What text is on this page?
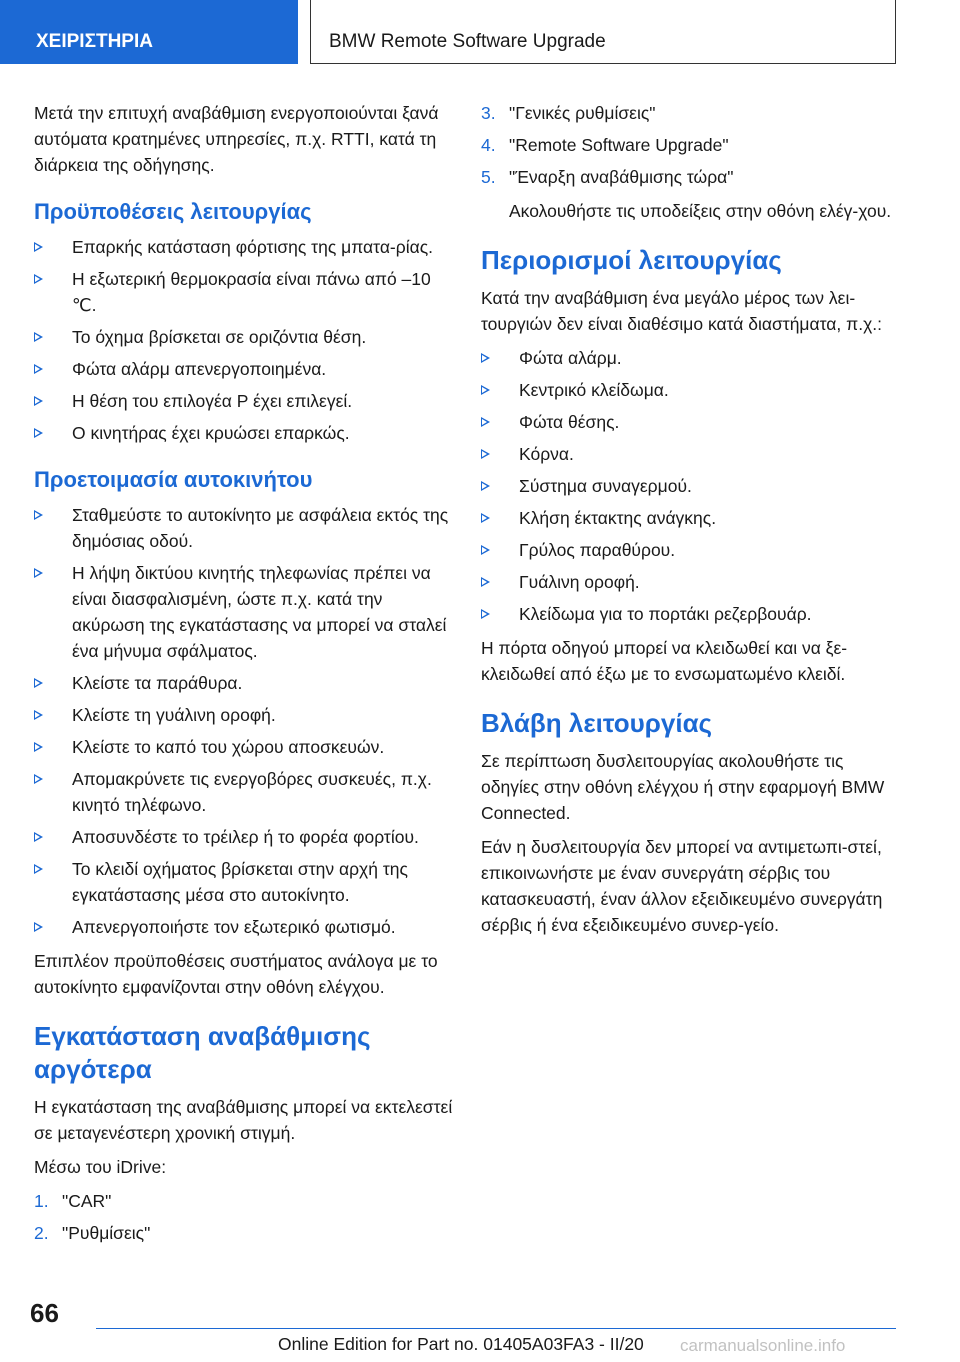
ΧΕΙΡΙΣΤΗΡΙΑ	BMW Remote Software Upgrade

Μετά την επιτυχή αναβάθμιση ενεργοποιούνται ξανά αυτόματα κρατημένες υπηρεσίες, π.χ. RTTI, κατά τη διάρκεια της οδήγησης.

Προϋποθέσεις λειτουργίας
Επαρκής κατάσταση φόρτισης της μπατα-ρίας.
Η εξωτερική θερμοκρασία είναι πάνω από –10 ℃.
Το όχημα βρίσκεται σε οριζόντια θέση.
Φώτα αλάρμ απενεργοποιημένα.
Η θέση του επιλογέα P έχει επιλεγεί.
Ο κινητήρας έχει κρυώσει επαρκώς.
Προετοιμασία αυτοκινήτου
Σταθμεύστε το αυτοκίνητο με ασφάλεια εκτός της δημόσιας οδού.
Η λήψη δικτύου κινητής τηλεφωνίας πρέπει να είναι διασφαλισμένη, ώστε π.χ. κατά την ακύρωση της εγκατάστασης να μπορεί να σταλεί ένα μήνυμα σφάλματος.
Κλείστε τα παράθυρα.
Κλείστε τη γυάλινη οροφή.
Κλείστε το καπό του χώρου αποσκευών.
Απομακρύνετε τις ενεργοβόρες συσκευές, π.χ. κινητό τηλέφωνο.
Αποσυνδέστε το τρέιλερ ή το φορέα φορτίου.
Το κλειδί οχήματος βρίσκεται στην αρχή της εγκατάστασης μέσα στο αυτοκίνητο.
Απενεργοποιήστε τον εξωτερικό φωτισμό.

Επιπλέον προϋποθέσεις συστήματος ανάλογα με το αυτοκίνητο εμφανίζονται στην οθόνη ελέγχου.

Εγκατάσταση αναβάθμισης αργότερα

Η εγκατάσταση της αναβάθμισης μπορεί να εκτελεστεί σε μεταγενέστερη χρονική στιγμή.

Μέσω του iDrive:

1. "CAR"
2. "Ρυθμίσεις"
3. "Γενικές ρυθμίσεις"
4. "Remote Software Upgrade"
5. "Έναρξη αναβάθμισης τώρα"
Ακολουθήστε τις υποδείξεις στην οθόνη ελέγ-χου.
Περιορισμοί λειτουργίας

Κατά την αναβάθμιση ένα μεγάλο μέρος των λει-τουργιών δεν είναι διαθέσιμο κατά διαστήματα, π.χ.:

Φώτα αλάρμ.
Κεντρικό κλείδωμα.
Φώτα θέσης.
Κόρνα.
Σύστημα συναγερμού.
Κλήση έκτακτης ανάγκης.
Γρύλος παραθύρου.
Γυάλινη οροφή.
Κλείδωμα για το πορτάκι ρεζερβουάρ.

Η πόρτα οδηγού μπορεί να κλειδωθεί και να ξε-κλειδωθεί από έξω με το ενσωματωμένο κλειδί.

Βλάβη λειτουργίας

Σε περίπτωση δυσλειτουργίας ακολουθήστε τις οδηγίες στην οθόνη ελέγχου ή στην εφαρμογή BMW Connected.

Εάν η δυσλειτουργία δεν μπορεί να αντιμετωπι-στεί, επικοινωνήστε με έναν συνεργάτη σέρβις του κατασκευαστή, έναν άλλον εξειδικευμένο συνεργάτη σέρβις ή ένα εξειδικευμένο συνερ-γείο.

66
Online Edition for Part no. 01405A03FA3 - II/20 carmanualsonline.info
